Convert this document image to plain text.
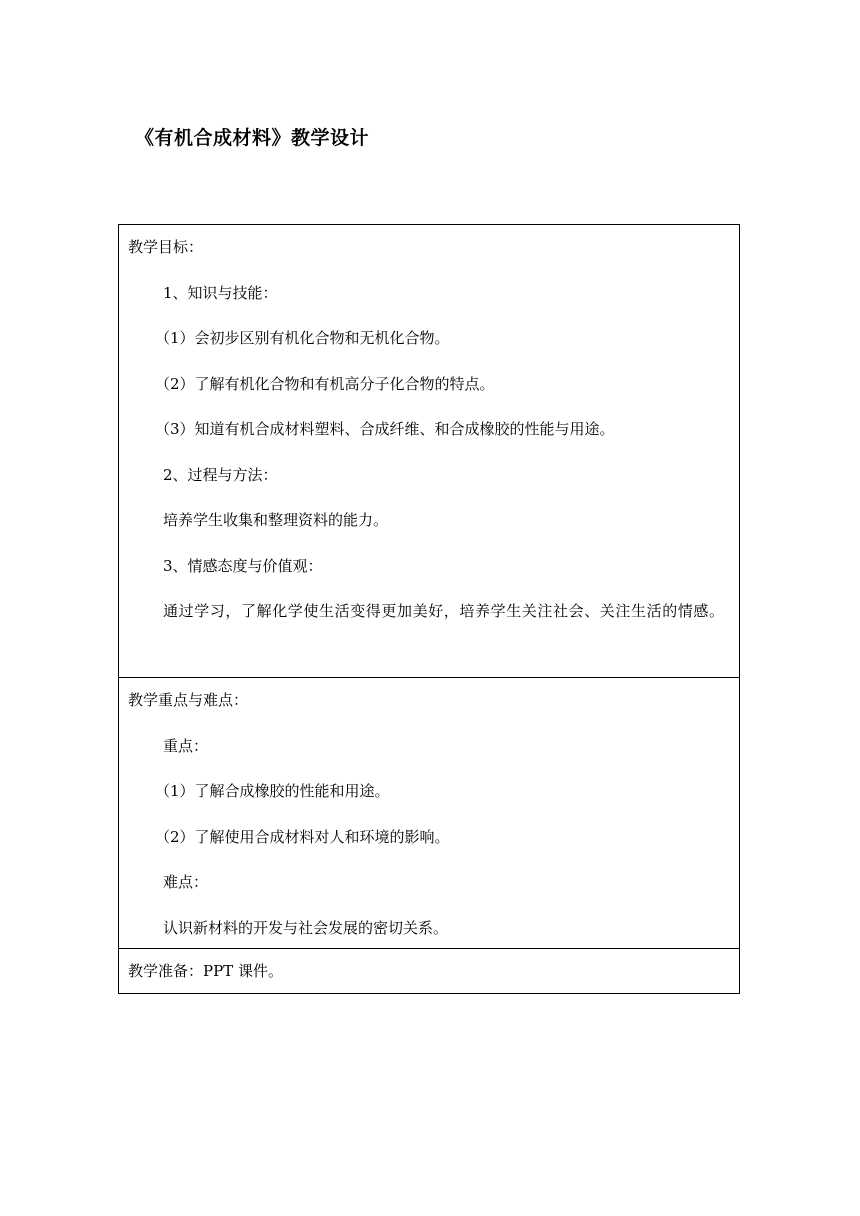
《有机合成材料》教学设计
教学目标：
1、知识与技能：
（1）会初步区别有机化合物和无机化合物。
（2）了解有机化合物和有机高分子化合物的特点。
（3）知道有机合成材料塑料、合成纤维、和合成橡胶的性能与用途。
2、过程与方法：
培养学生收集和整理资料的能力。
3、情感态度与价值观：
通过学习，了解化学使生活变得更加美好，培养学生关注社会、关注生活的情感。
教学重点与难点：
重点：
（1）了解合成橡胶的性能和用途。
（2）了解使用合成材料对人和环境的影响。
难点：
认识新材料的开发与社会发展的密切关系。
教学准备：PPT 课件。
